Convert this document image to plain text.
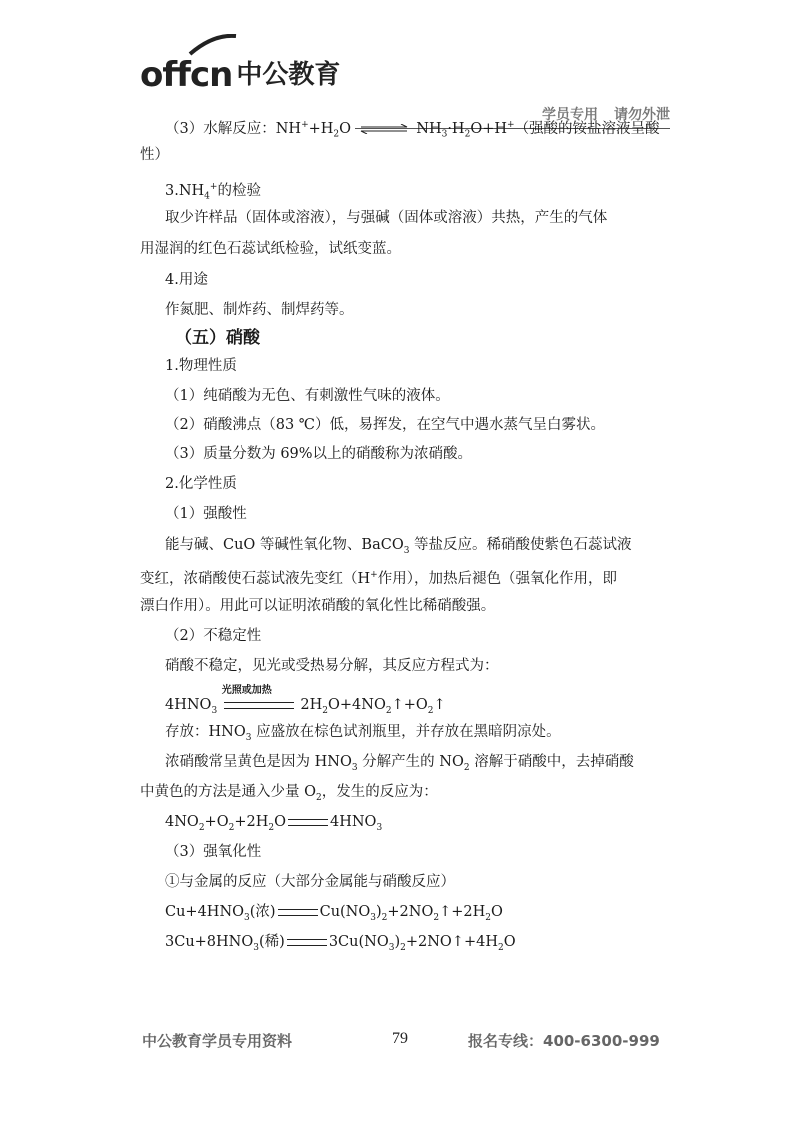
offcn 中公教育
学员专用 请勿外泄
（3）水解反应：$NH^++H_2O$ ⇌ $NH_3\cdot H_2O+H^+$（强酸的铵盐溶液呈酸
性）
$3.NH_4^+$的检验
取少许样品（固体或溶液），与强碱（固体或溶液）共热，产生的气体
用湿润的红色石蕊试纸检验，试纸变蓝。
4.用途
作氮肥、制炸药、制焊药等。
（五）硝酸
1.物理性质
（1）纯硝酸为无色、有刺激性气味的液体。
（2）硝酸沸点（83 ℃）低，易挥发，在空气中遇水蒸气呈白雾状。
（3）质量分数为 69%以上的硝酸称为浓硝酸。
2.化学性质
（1）强酸性
能与碱、CuO 等碱性氧化物、BaCO$_3$ 等盐反应。稀硝酸使紫色石蕊试液
变红，浓硝酸使石蕊试液先变红（H+作用），加热后褪色（强氧化作用，即
漂白作用）。用此可以证明浓硝酸的氧化性比稀硝酸强。
（2）不稳定性
硝酸不稳定，见光或受热易分解，其反应方程式为：
$4HNO_3$
光照或加热
$2H_2O+4NO_2↑+O_2↑$
存放：$HNO_3$ 应盛放在棕色试剂瓶里，并存放在黑暗阴凉处。
浓硝酸常呈黄色是因为 $HNO_3$ 分解产生的 $NO_2$ 溶解于硝酸中，去掉硝酸
中黄色的方法是通入少量 $O_2$，发生的反应为：
$4NO_2+O_2+2H_2O$	$4HNO_3$
（3）强氧化性
①与金属的反应（大部分金属能与硝酸反应）
$Cu+4HNO_3$(浓)	$Cu(NO_3)_2+2NO_2↑+2H_2O$
$3Cu+8HNO_3$(稀)	$3Cu(NO_3)_2+2NO↑+4H_2O$
中公教育学员专用资料	79	报名专线：400-6300-999
